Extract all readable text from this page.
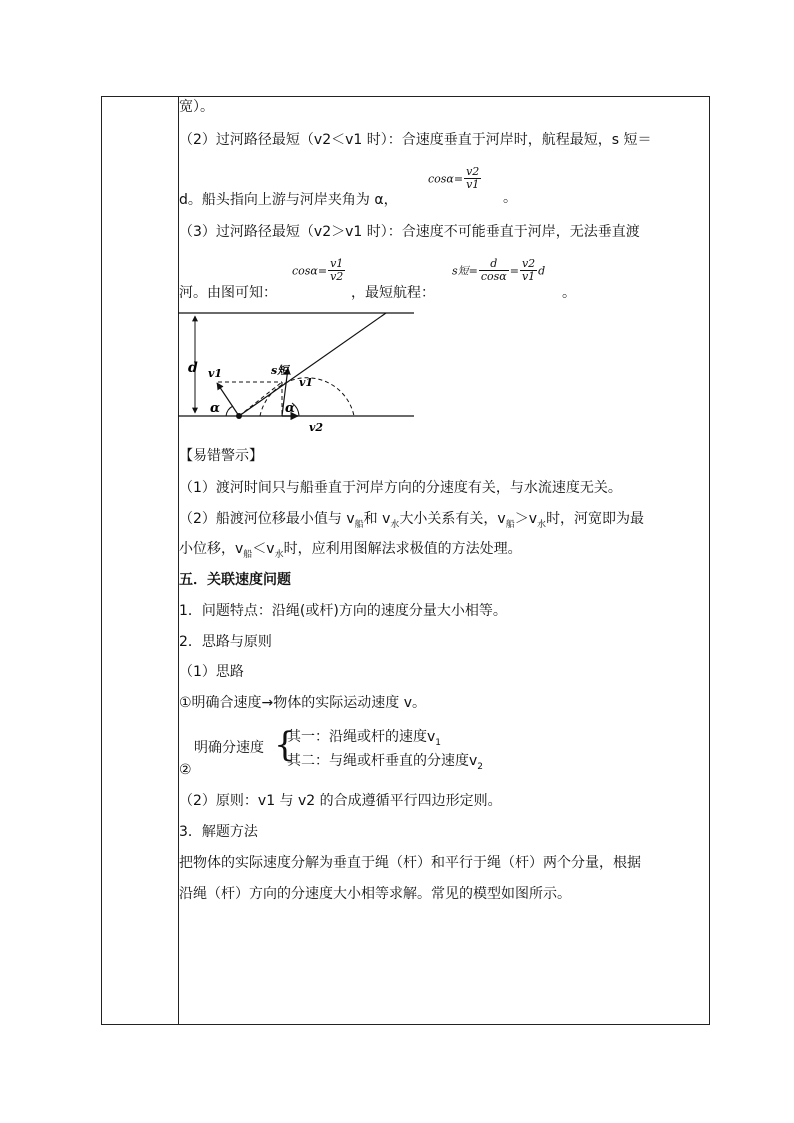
宽）。
（2）过河路径最短（v2＜v1 时）：合速度垂直于河岸时，航程最短，s 短＝
d。船头指向上游与河岸夹角为 α，
$\cos\alpha= \frac{v2}{v1}$
。
（3）过河路径最短（v2＞v1 时）：合速度不可能垂直于河岸，无法垂直渡
河。由图可知：
$\cos\alpha= \frac{v1}{v2}$
，最短航程：
s短= $\frac{d}{\cos\alpha} = \frac{v2}{v1}$ d
。
d v1	s短
v1
α	α
v2
【易错警示】
（1）渡河时间只与船垂直于河岸方向的分速度有关，与水流速度无关。
（2）船渡河位移最小值与 $v_船$和 $v_水$大小关系有关，$v_船>v_水$时，河宽即为最
小位移，$v_船<v_水$时，应利用图解法求极值的方法处理。
五．关联速度问题
1．问题特点：沿绳(或杆)方向的速度分量大小相等。
2．思路与原则
（1）思路
①明确合速度→物体的实际运动速度 v。
②
明确分速度 {
其一：沿绳或杆的速度$v_1$
其二：与绳或杆垂直的分速度$v_2$
（2）原则：v1 与 v2 的合成遵循平行四边形定则。
3．解题方法
把物体的实际速度分解为垂直于绳（杆）和平行于绳（杆）两个分量，根据
沿绳（杆）方向的分速度大小相等求解。常见的模型如图所示。
